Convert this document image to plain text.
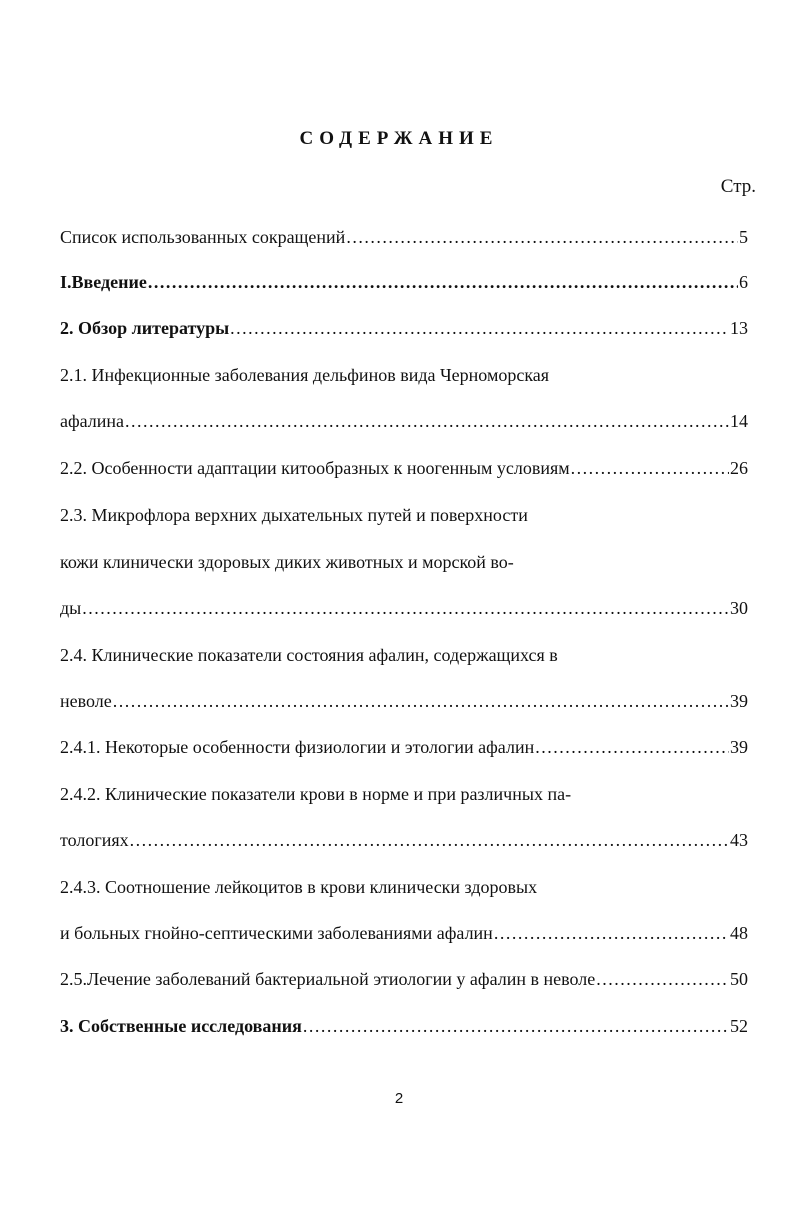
СОДЕРЖАНИЕ
Стр.
Список использованных сокращений .....	5
I.Введение .....	6
2. Обзор литературы .....	13
2.1. Инфекционные заболевания дельфинов вида Черноморская
афалина .....	14
2.2. Особенности адаптации китообразных к ноогенным условиям .....	26
2.3. Микрофлора верхних дыхательных путей и поверхности
кожи клинически здоровых диких животных и морской во-
ды .....	30
2.4. Клинические показатели состояния афалин, содержащихся в
неволе .....	39
2.4.1. Некоторые особенности физиологии и этологии афалин .....	39
2.4.2. Клинические показатели крови в норме и при различных па-
тологиях .....	43
2.4.3. Соотношение лейкоцитов в крови клинически здоровых
и больных гнойно-септическими заболеваниями афалин .....	48
2.5.Лечение заболеваний бактериальной этиологии у афалин в неволе .....	50
3. Собственные исследования .....	52
2
